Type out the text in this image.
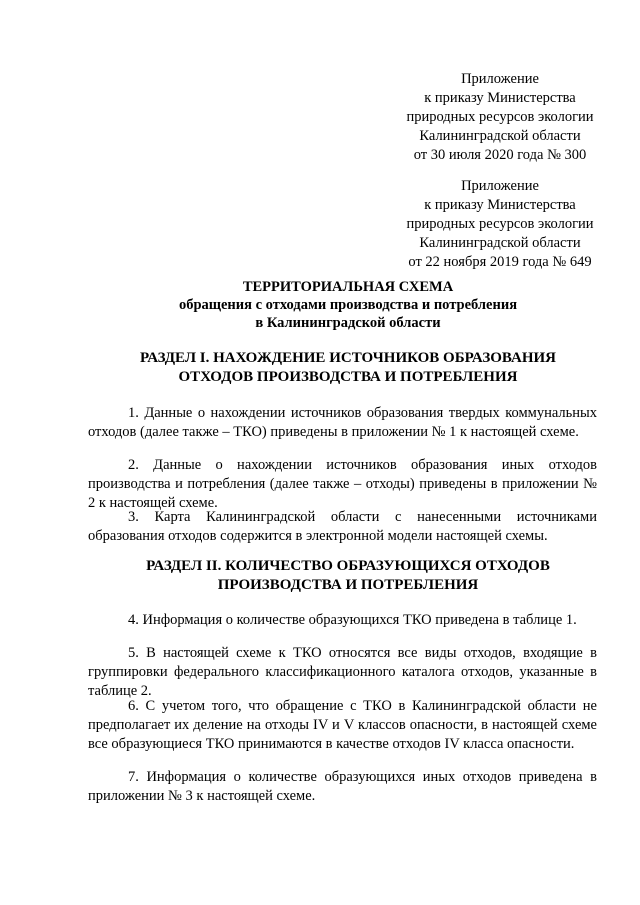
Приложение
к приказу Министерства
природных ресурсов экологии
Калининградской области
от 30 июля 2020 года № 300
Приложение
к приказу Министерства
природных ресурсов экологии
Калининградской области
от 22 ноября 2019 года № 649
ТЕРРИТОРИАЛЬНАЯ СХЕМА
обращения с отходами производства и потребления
в Калининградской области
РАЗДЕЛ I. НАХОЖДЕНИЕ ИСТОЧНИКОВ ОБРАЗОВАНИЯ
ОТХОДОВ ПРОИЗВОДСТВА И ПОТРЕБЛЕНИЯ

1. Данные о нахождении источников образования твердых коммунальных отходов (далее также – ТКО) приведены в приложении № 1 к настоящей схеме.

2. Данные о нахождении источников образования иных отходов производства и потребления (далее также – отходы) приведены в приложении № 2 к настоящей схеме.

3. Карта Калининградской области с нанесенными источниками образования отходов содержится в электронной модели настоящей схемы.

РАЗДЕЛ II. КОЛИЧЕСТВО ОБРАЗУЮЩИХСЯ ОТХОДОВ
ПРОИЗВОДСТВА И ПОТРЕБЛЕНИЯ

4. Информация о количестве образующихся ТКО приведена в таблице 1.

5. В настоящей схеме к ТКО относятся все виды отходов, входящие в группировки федерального классификационного каталога отходов, указанные в таблице 2.

6. С учетом того, что обращение с ТКО в Калининградской области не предполагает их деление на отходы IV и V классов опасности, в настоящей схеме все образующиеся ТКО принимаются в качестве отходов IV класса опасности.

7. Информация о количестве образующихся иных отходов приведена в приложении № 3 к настоящей схеме.
